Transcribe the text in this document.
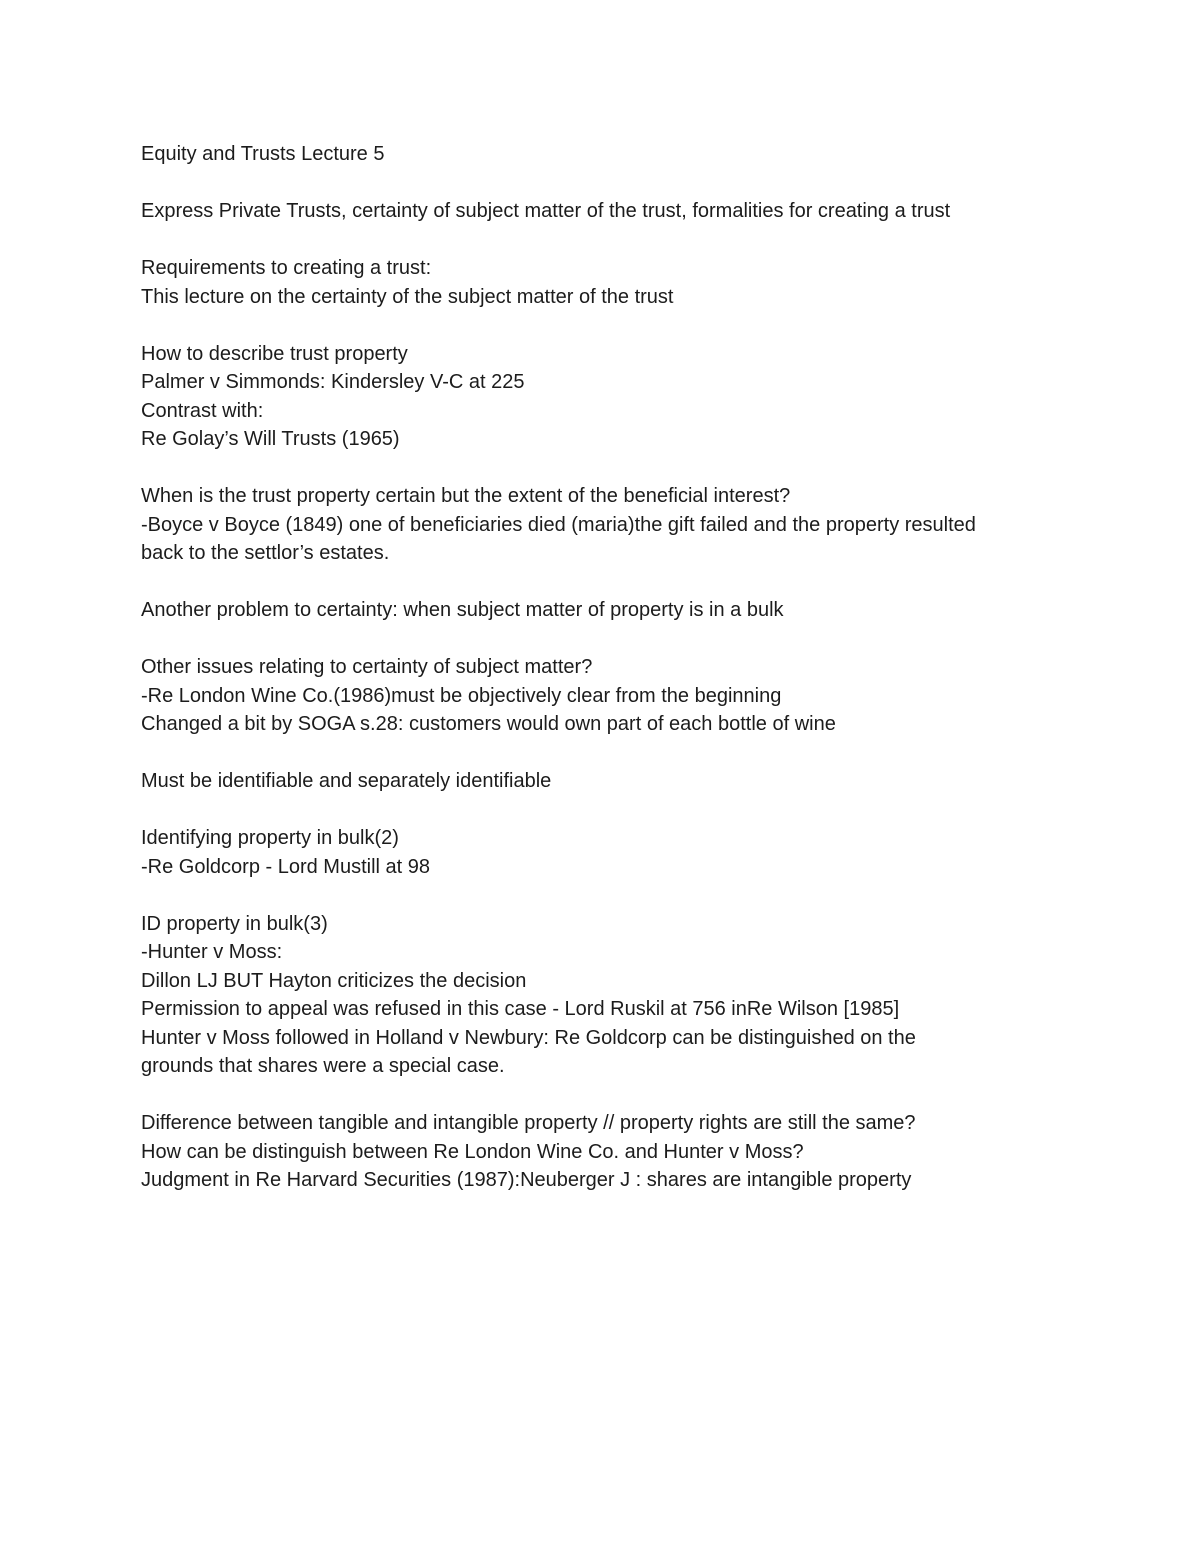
Equity and Trusts Lecture 5
Express Private Trusts, certainty of subject matter of the trust, formalities for creating a trust
Requirements to creating a trust:
This lecture on the certainty of the subject matter of the trust
How to describe trust property
Palmer v Simmonds: Kindersley V-C at 225
Contrast with:
Re Golay’s Will Trusts (1965)
When is the trust property certain but the extent of the beneficial interest?
-Boyce v Boyce (1849) one of beneficiaries died (maria)the gift failed and the property resulted
back to the settlor’s estates.
Another problem to certainty: when subject matter of property is in a bulk
Other issues relating to certainty of subject matter?
-Re London Wine Co.(1986)must be objectively clear from the beginning
Changed a bit by SOGA s.28: customers would own part of each bottle of wine
Must be identifiable and separately identifiable
Identifying property in bulk(2)
-Re Goldcorp - Lord Mustill at 98
ID property in bulk(3)
-Hunter v Moss:
Dillon LJ BUT Hayton criticizes the decision
Permission to appeal was refused in this case - Lord Ruskil at 756 inRe Wilson [1985]
Hunter v Moss followed in Holland v Newbury: Re Goldcorp can be distinguished on the
grounds that shares were a special case.
Difference between tangible and intangible property // property rights are still the same?
How can be distinguish between Re London Wine Co. and Hunter v Moss?
Judgment in Re Harvard Securities (1987):Neuberger J : shares are intangible property
